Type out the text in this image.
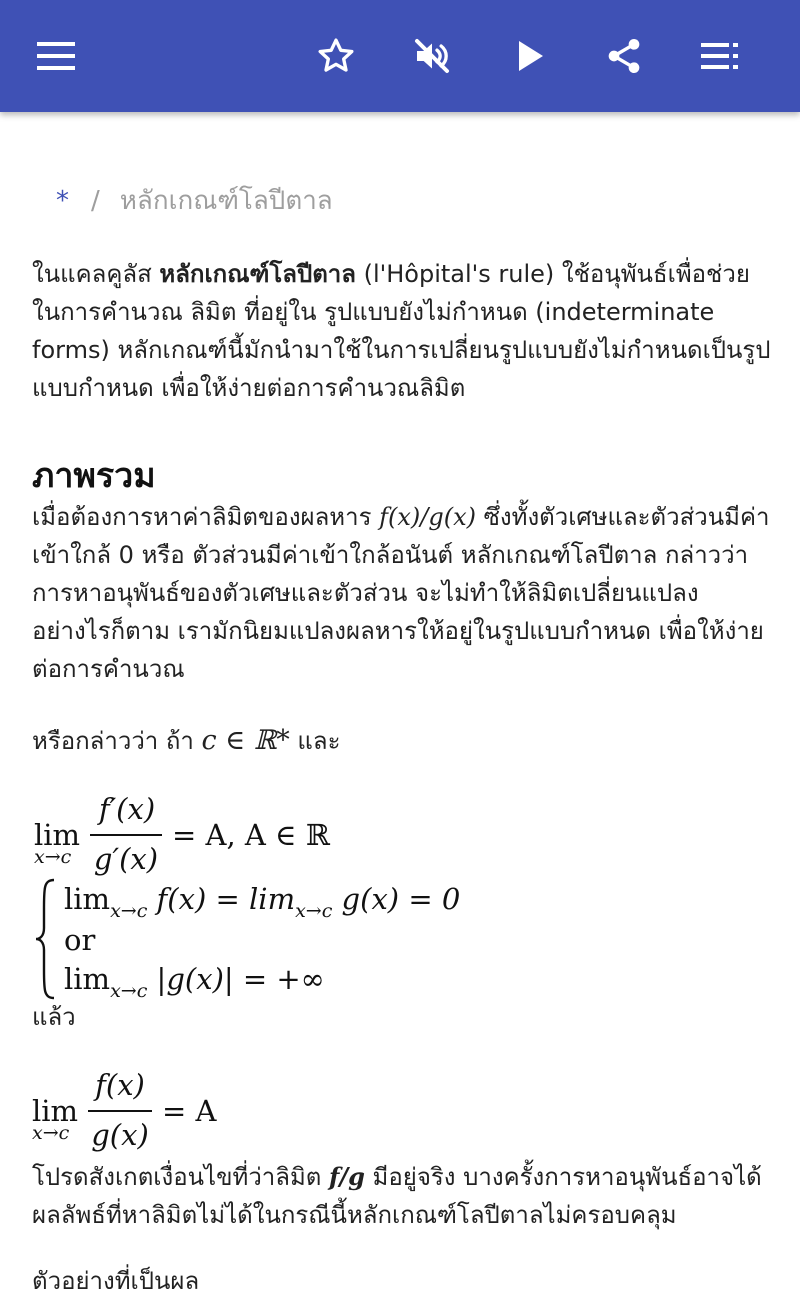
* / หลักเกณฑ์โลปีตาล
ในแคลคูลัส หลักเกณฑ์โลปีตาล (l'Hôpital's rule) ใช้อนุพันธ์เพื่อช่วยในการคำนวณ ลิมิต ที่อยู่ใน รูปแบบยังไม่กำหนด (indeterminate forms) หลักเกณฑ์นี้มักนำมาใช้ในการเปลี่ยนรูปแบบยังไม่กำหนดเป็นรูปแบบกำหนด เพื่อให้ง่ายต่อการคำนวณลิมิต
ภาพรวม
เมื่อต้องการหาค่าลิมิตของผลหาร f(x)/g(x) ซึ่งทั้งตัวเศษและตัวส่วนมีค่าเข้าใกล้ 0 หรือ ตัวส่วนมีค่าเข้าใกล้อนันต์ หลักเกณฑ์โลปีตาล กล่าวว่า การหาอนุพันธ์ของตัวเศษและตัวส่วน จะไม่ทำให้ลิมิตเปลี่ยนแปลงอย่างไรก็ตาม เรามักนิยมแปลงผลหารให้อยู่ในรูปแบบกำหนด เพื่อให้ง่ายต่อการคำนวณ
หรือกล่าวว่า ถ้า c ∈ ℝ* และ
lim
x→c
f′(x)
g′(x)
= A, A ∈ ℝ
$\lim_{x\to c} f(x) = \lim_{x\to c} g(x) = 0$
or
$\lim_{x\to c} |g(x)|$ = +∞
แล้ว
lim
x→c
f(x)
g(x)
= A
โปรดสังเกตเงื่อนไขที่ว่าลิมิต f/g มีอยู่จริง บางครั้งการหาอนุพันธ์อาจได้ผลลัพธ์ที่หาลิมิตไม่ได้ในกรณีนี้หลักเกณฑ์โลปีตาลไม่ครอบคลุม
ตัวอย่างที่เป็นผล
